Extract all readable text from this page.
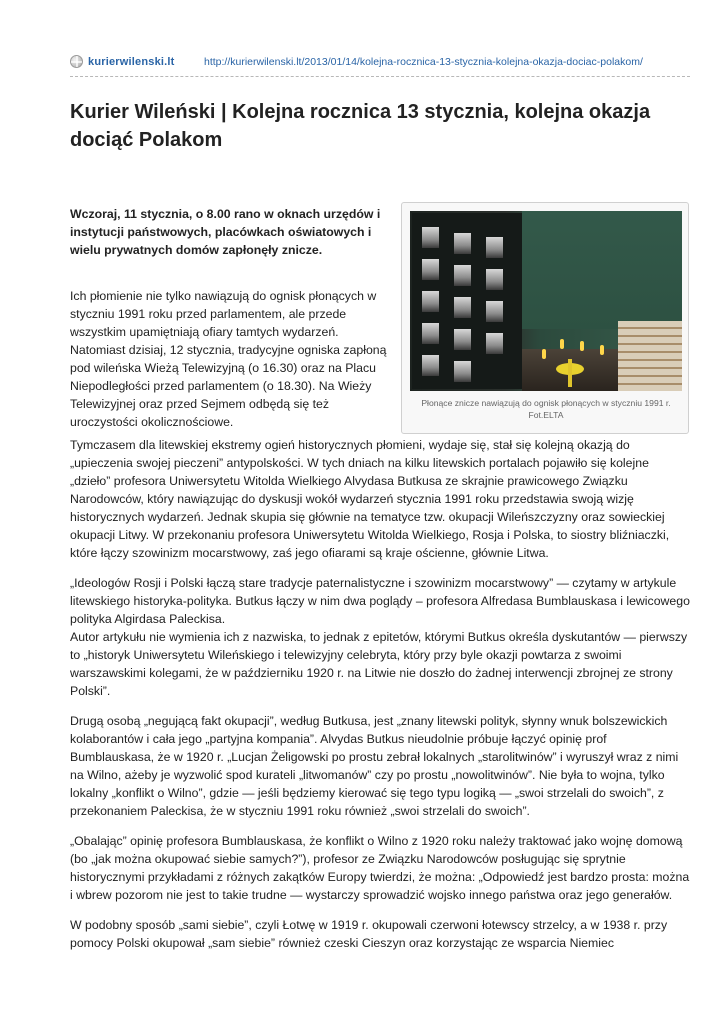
kurierwilenski.lt	http://kurierwilenski.lt/2013/01/14/kolejna-rocznica-13-stycznia-kolejna-okazja-dociac-polakom/
Kurier Wileński | Kolejna rocznica 13 stycznia, kolejna okazja dociąć Polakom

Wczoraj, 11 stycznia, o 8.00 rano w oknach urzędów i instytucji państwowych, placówkach oświatowych i wielu prywatnych domów zapłonęły znicze.

Ich płomienie nie tylko nawiązują do ognisk płonących w styczniu 1991 roku przed parlamentem, ale przede wszystkim upamiętniają ofiary tamtych wydarzeń. Natomiast dzisiaj, 12 stycznia, tradycyjne ogniska zapłoną pod wileńska Wieżą Telewizyjną (o 16.30) oraz na Placu Niepodległości przed parlamentem (o 18.30). Na Wieży Telewizyjnej oraz przed Sejmem odbędą się też uroczystości okolicznościowe.

Płonące znicze nawiązują do ognisk płonących w styczniu 1991 r. Fot.ELTA

Tymczasem dla litewskiej ekstremy ogień historycznych płomieni, wydaje się, stał się kolejną okazją do „upieczenia swojej pieczeni” antypolskości. W tych dniach na kilku litewskich portalach pojawiło się kolejne „dzieło” profesora Uniwersytetu Witolda Wielkiego Alvydasa Butkusa ze skrajnie prawicowego Związku Narodowców, który nawiązując do dyskusji wokół wydarzeń stycznia 1991 roku przedstawia swoją wizję historycznych wydarzeń. Jednak skupia się głównie na tematyce tzw. okupacji Wileńszczyzny oraz sowieckiej okupacji Litwy. W przekonaniu profesora Uniwersytetu Witolda Wielkiego, Rosja i Polska, to siostry bliźniaczki, które łączy szowinizm mocarstwowy, zaś jego ofiarami są kraje ościenne, głównie Litwa.

„Ideologów Rosji i Polski łączą stare tradycje paternalistyczne i szowinizm mocarstwowy” — czytamy w artykule litewskiego historyka-polityka. Butkus łączy w nim dwa poglądy – profesora Alfredasa Bumblauskasa i lewicowego polityka Algirdasa Paleckisa.

Autor artykułu nie wymienia ich z nazwiska, to jednak z epitetów, którymi Butkus określa dyskutantów — pierwszy to „historyk Uniwersytetu Wileńskiego i telewizyjny celebryta, który przy byle okazji powtarza z swoimi warszawskimi kolegami, że w październiku 1920 r. na Litwie nie doszło do żadnej interwencji zbrojnej ze strony Polski”.

Drugą osobą „negującą fakt okupacji”, według Butkusa, jest „znany litewski polityk, słynny wnuk bolszewickich kolaborantów i cała jego „partyjna kompania”. Alvydas Butkus nieudolnie próbuje łączyć opinię prof Bumblauskasa, że w 1920 r. „Lucjan Żeligowski po prostu zebrał lokalnych „starolitwinów” i wyruszył wraz z nimi na Wilno, ażeby je wyzwolić spod kurateli „litwomanów” czy po prostu „nowolitwinów”. Nie była to wojna, tylko lokalny „konflikt o Wilno”, gdzie — jeśli będziemy kierować się tego typu logiką — „swoi strzelali do swoich”, z przekonaniem Paleckisa, że w styczniu 1991 roku również „swoi strzelali do swoich”.

„Obalając” opinię profesora Bumblauskasa, że konflikt o Wilno z 1920 roku należy traktować jako wojnę domową (bo „jak można okupować siebie samych?”), profesor ze Związku Narodowców posługując się sprytnie historycznymi przykładami z różnych zakątków Europy twierdzi, że można: „Odpowiedź jest bardzo prosta: można i wbrew pozorom nie jest to takie trudne — wystarczy sprowadzić wojsko innego państwa oraz jego generałów.

W podobny sposób „sami siebie”, czyli Łotwę w 1919 r. okupowali czerwoni łotewscy strzelcy, a w 1938 r. przy pomocy Polski okupował „sam siebie” również czeski Cieszyn oraz korzystając ze wsparcia Niemiec
